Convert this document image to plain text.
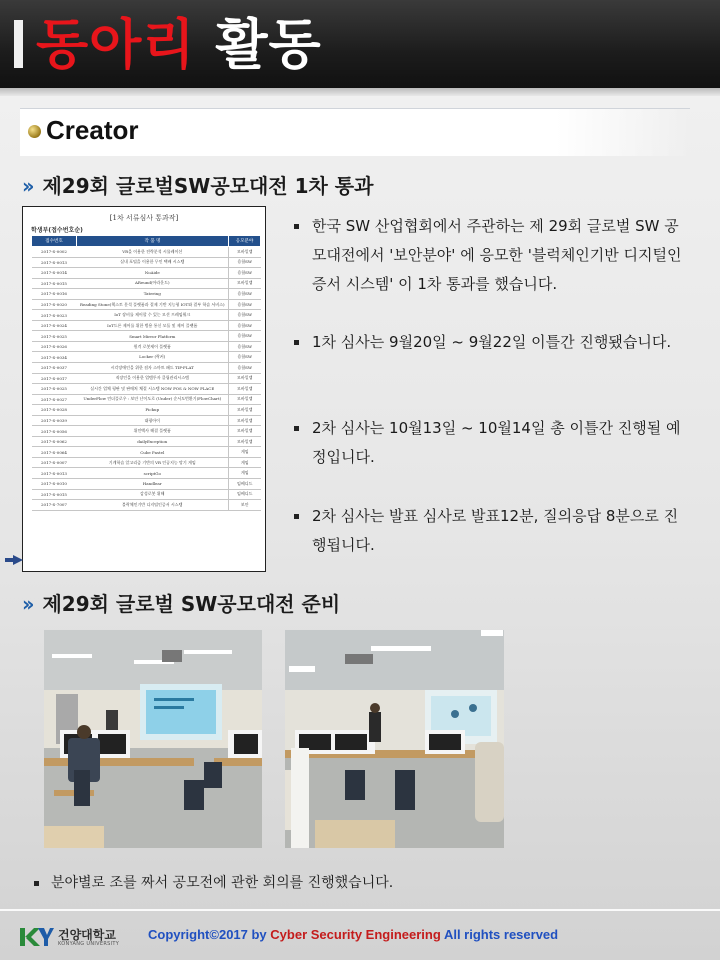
동아리 활동
Creator
›› 제29회 글로벌SW공모대전 1차 통과
[1차 서류심사 통과작]
학생부(접수번호순)
접수번호	작 품 명	응모분야
2017-S-0002	VR을 이용한 전략분석 시뮬레이션	모바일앱
2017-S-0013	실내 포털을 이용한 무인 택배 시스템	융합SW
2017-S-0014	NoAide	융합SW
2017-S-0015	AReund(아라운드)	모바일앱
2017-S-0016	Tatering	융합SW
2017-S-0020	Reading Stone(책스토 분석 플랫폼과 결제 기반 지능형 IOT와 결부 학습 서비스)	융합SW
2017-S-0023	IoT 장비를 제어할 수 있는 모션 프레임워크	융합SW
2017-S-0024	IoT드론 제어를 위한 범용 통신 모듈 및 제어 플랫폼	융합SW
2017-S-0025	Smart Mirror Platform	융합SW
2017-S-0026	원격 로봇제어 플랫폼	융합SW
2017-S-0034	Locker (락커)	융합SW
2017-S-0037	시각장애인을 위한 점자 스마트 패드 TIP-FLAT	융합SW
2017-S-0017	직장인을 이용한 업템투자 클립관리시스템	모바일앱
2017-S-0025	실시간 업체 평판 및 판매처 체결 시스템 NOW POS & NOW PLACE	모바일앱
2017-S-0027	UnderFlow 언더플로우 : 보안 난이도로 (Under) 순서도번환기(FlowChart)	모바일앱
2017-S-0028	Pickup	모바일앱
2017-S-0039	대평아이	모바일앱
2017-S-0056	위인백사 해결 플랫폼	모바일앱
2017-S-0062	dailyException	모바일앱
2017-S-0064	Cube Pastel	게임
2017-S-0007	기계학습 알고리즘 기반의 VR 인공지능 망기 게임	게임
2017-S-0013	scriptGo	게임
2017-S-0010	Handlear	임베디드
2017-S-0015	감성로봇 위해	임베디드
2017-S-7007	블락체인기반 디지털인증서 시스템	보안
한국 SW 산업협회에서 주관하는 제 29회 글로벌 SW 공모대전에서 '보안분야' 에 응모한 '블럭체인기반 디지털인증서 시스템' 이 1차 통과를 했습니다.
1차 심사는 9월20일 ~ 9월22일 이틀간 진행됐습니다.
2차 심사는 10월13일 ~ 10월14일 총 이틀간 진행될 예정입니다.
2차 심사는 발표 심사로 발표12분, 질의응답 8분으로 진행됩니다.
›› 제29회 글로벌 SW공모대전 준비
분야별로 조를 짜서 공모전에 관한 회의를 진행했습니다.
건양대학교
KONYANG UNIVERSITY
Copyright©2017 by Cyber Security Engineering All rights reserved
